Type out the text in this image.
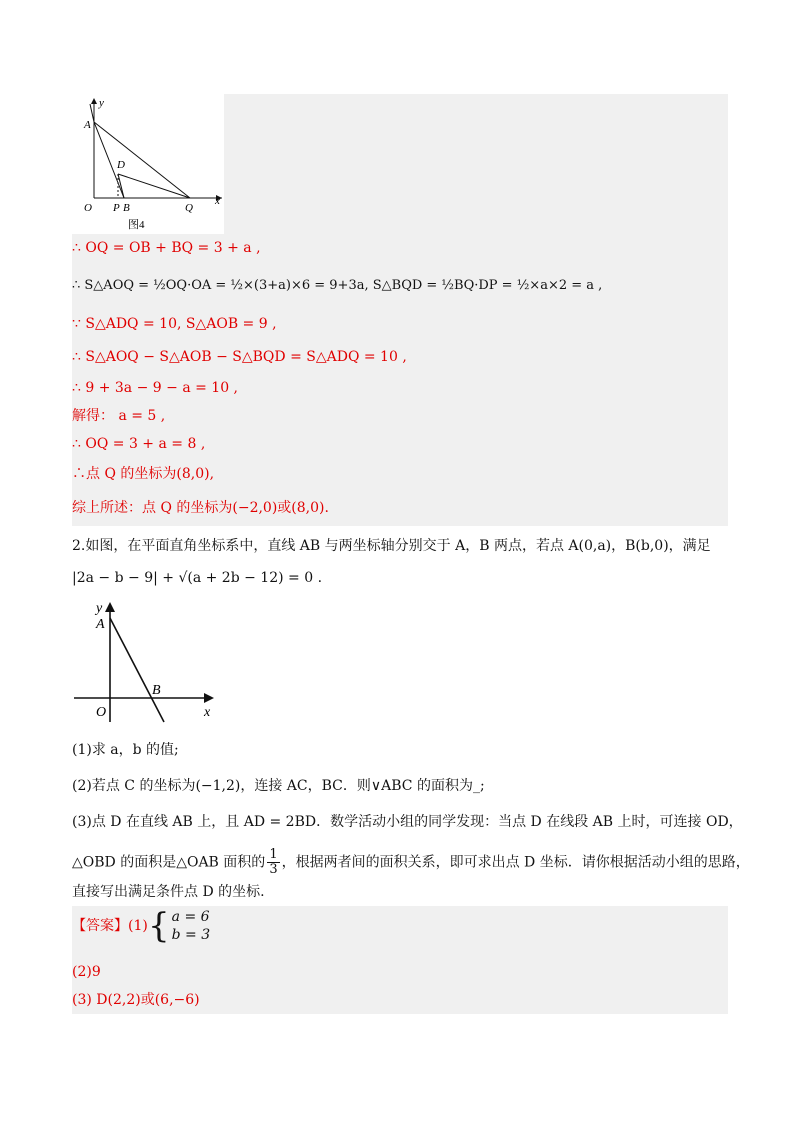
y
A
D
O P B	Q
x
图4
∴ OQ = OB + BQ = 3 + a ,
∴ S△AOQ = ½OQ·OA = ½×(3+a)×6 = 9+3a, S△BQD = ½BQ·DP = ½×a×2 = a ,
∵ S△ADQ = 10, S△AOB = 9 ,
∴ S△AOQ − S△AOB − S△BQD = S△ADQ = 10 ,
∴ 9 + 3a − 9 − a = 10 ,
解得： a = 5 ,
∴ OQ = 3 + a = 8 ,
∴点 Q 的坐标为(8,0),
综上所述：点 Q 的坐标为(−2,0)或(8,0).
2.如图，在平面直角坐标系中，直线 AB 与两坐标轴分别交于 A，B 两点，若点 A(0,a)，B(b,0)，满足
|2a − b − 9| + √(a + 2b − 12) = 0 .
y
A
B
O	x
(1)求 a，b 的值;
(2)若点 C 的坐标为(−1,2)，连接 AC，BC．则∨ABC 的面积为_;
(3)点 D 在直线 AB 上，且 AD = 2BD．数学活动小组的同学发现：当点 D 在线段 AB 上时，可连接 OD，
△OBD 的面积是△OAB 面积的 $\frac{1}{3}$ ，根据两者间的面积关系，即可求出点 D 坐标．请你根据活动小组的思路，
直接写出满足条件点 D 的坐标.
【答案】(1) { a = 6
b = 3
(2)9
(3) D(2,2)或(6,−6)
